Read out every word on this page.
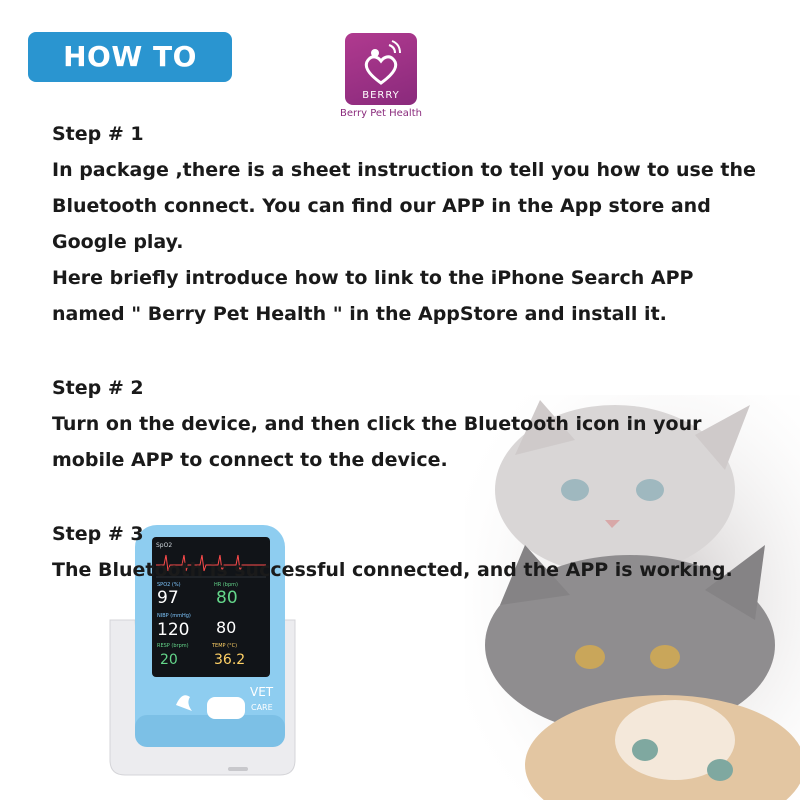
HOW TO USE	BERRY
Berry Pet Health
SpO2
SPO2 (%)
97
HR (bpm)
80
NIBP (mmHg)
120 80
RESP (brpm)
20
TEMP (°C)
36.2
VET
CARE

Step # 1

In package ,there is a sheet instruction to tell you how to use the

Bluetooth connect. You can find our APP in the App store and

Google play.

Here briefly introduce how to link to the iPhone Search APP

named " Berry Pet Health " in the AppStore and install it.

Step # 2

Turn on the device, and then click the Bluetooth icon in your

mobile APP to connect to the device.

Step # 3

The Bluetooth is successful connected, and the APP is working.
